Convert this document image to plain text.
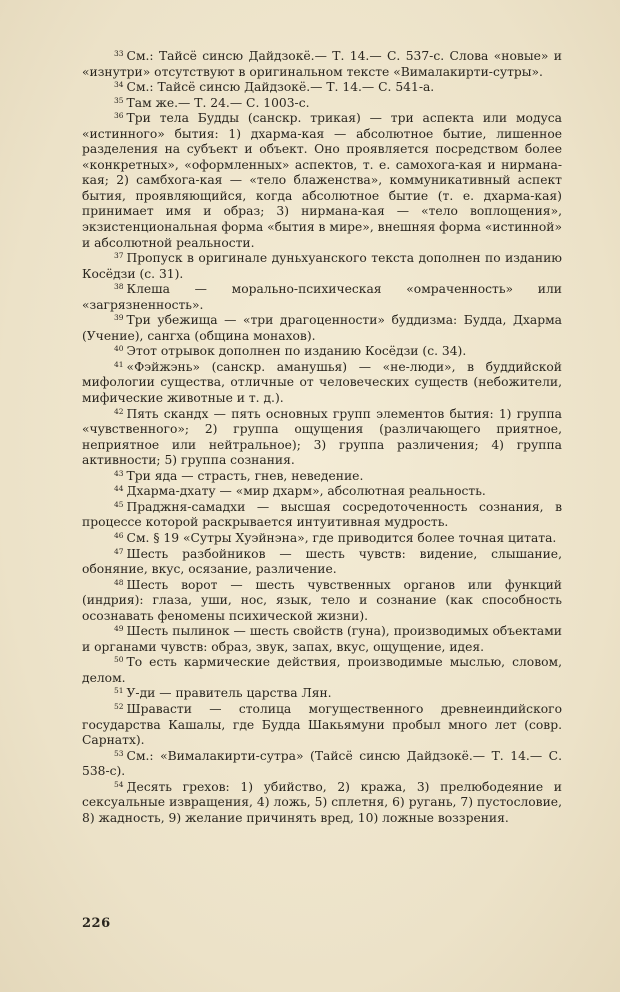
$^{33}$ См.: Тайсё синсю Дайдзокё.— Т. 14.— С. 537-с. Слова «новые» и «изнутри» отсутствуют в оригинальном тексте «Вималакирти-сутры».

$^{34}$ См.: Тайсё синсю Дайдзокё.— Т. 14.— С. 541-а.

$^{35}$ Там же.— Т. 24.— С. 1003-с.

$^{36}$ Три тела Будды (санскр. трикая) — три аспекта или модуса «истинного» бытия: 1) дхарма-кая — абсолютное бытие, лишенное разделения на субъект и объект. Оно проявляется посредством более «конкретных», «оформленных» аспектов, т. е. самохога-кая и нирмана-кая; 2) самбхога-кая — «тело блаженства», коммуникативный аспект бытия, проявляющийся, когда абсолютное бытие (т. е. дхарма-кая) принимает имя и образ; 3) нирмана-кая — «тело воплощения», экзистенциональная форма «бытия в мире», внешняя форма «истинной» и абсолютной реальности.

$^{37}$ Пропуск в оригинале дуньхуанского текста дополнен по изданию Косёдзи (с. 31).

$^{38}$ Клеша — морально-психическая «омраченность» или «загрязненность».

$^{39}$ Три убежища — «три драгоценности» буддизма: Будда, Дхарма (Учение), сангха (община монахов).

$^{40}$ Этот отрывок дополнен по изданию Косёдзи (с. 34).

$^{41}$ «Фэйжэнь» (санскр. аманушья) — «не-люди», в буддийской мифологии существа, отличные от человеческих существ (небожители, мифические животные и т. д.).

$^{42}$ Пять скандх — пять основных групп элементов бытия: 1) группа «чувственного»; 2) группа ощущения (различающего приятное, неприятное или нейтральное); 3) группа различения; 4) группа активности; 5) группа сознания.

$^{43}$ Три яда — страсть, гнев, неведение.

$^{44}$ Дхарма-дхату — «мир дхарм», абсолютная реальность.

$^{45}$ Праджня-самадхи — высшая сосредоточенность сознания, в процессе которой раскрывается интуитивная мудрость.

$^{46}$ См. § 19 «Сутры Хуэйнэна», где приводится более точная цитата.

$^{47}$ Шесть разбойников — шесть чувств: видение, слышание, обоняние, вкус, осязание, различение.

$^{48}$ Шесть ворот — шесть чувственных органов или функций (индрия): глаза, уши, нос, язык, тело и сознание (как способность осознавать феномены психической жизни).

$^{49}$ Шесть пылинок — шесть свойств (гуна), производимых объектами и органами чувств: образ, звук, запах, вкус, ощущение, идея.

$^{50}$ То есть кармические действия, производимые мыслью, словом, делом.

$^{51}$ У-ди — правитель царства Лян.

$^{52}$ Шравасти — столица могущественного древнеиндийского государства Кашалы, где Будда Шакьямуни пробыл много лет (совр. Сарнатх).

$^{53}$ См.: «Вималакирти-сутра» (Тайсё синсю Дайдзокё.— Т. 14.— С. 538-с).

$^{54}$ Десять грехов: 1) убийство, 2) кража, 3) прелюбодеяние и сексуальные извращения, 4) ложь, 5) сплетня, 6) ругань, 7) пустословие, 8) жадность, 9) желание причинять вред, 10) ложные воззрения.

226
